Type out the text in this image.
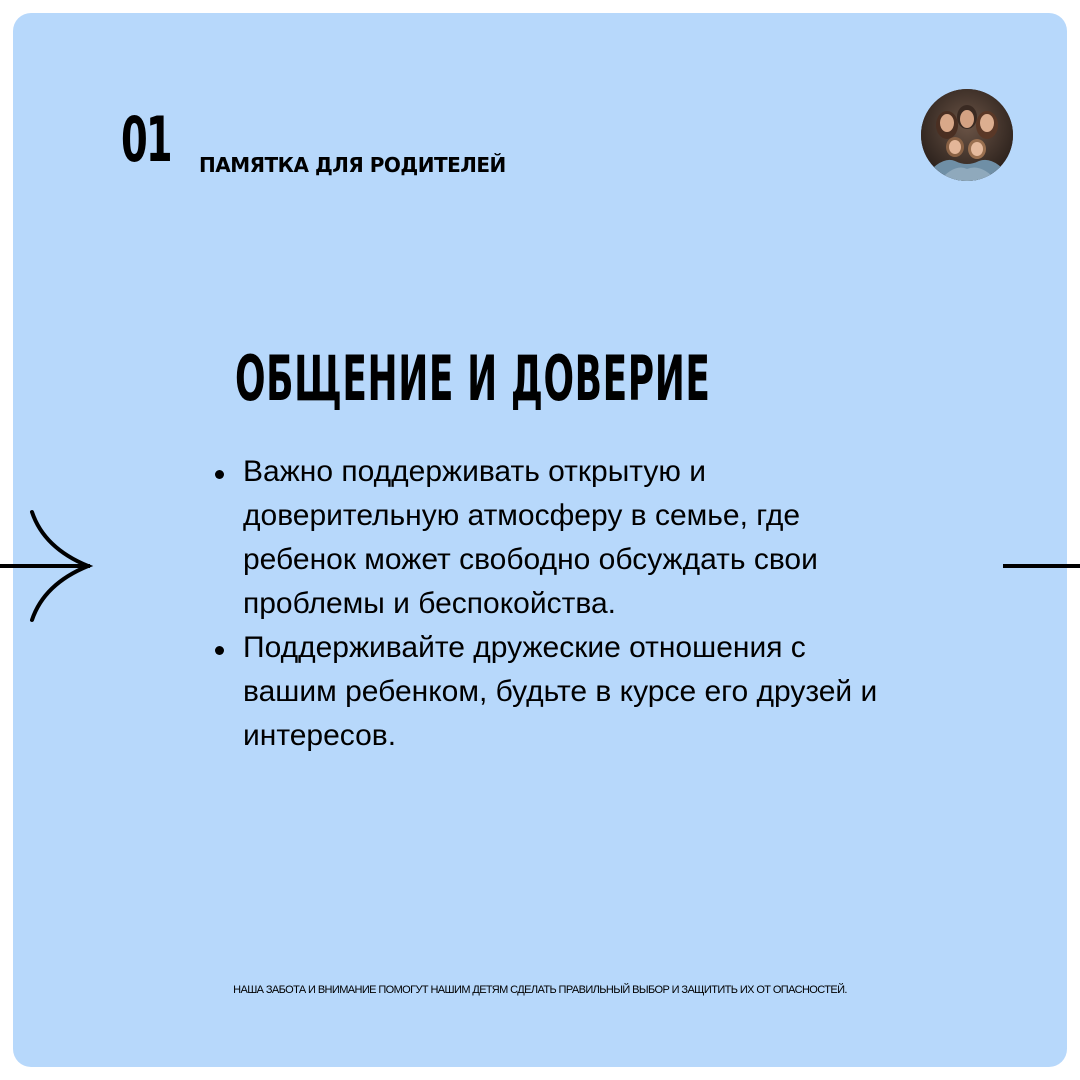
01 ПАМЯТКА ДЛЯ РОДИТЕЛЕЙ
ОБЩЕНИЕ И ДОВЕРИЕ
Важно поддерживать открытую и доверительную атмосферу в семье, где ребенок может свободно обсуждать свои проблемы и беспокойства.
Поддерживайте дружеские отношения с вашим ребенком, будьте в курсе его друзей и интересов.
НАША ЗАБОТА И ВНИМАНИЕ ПОМОГУТ НАШИМ ДЕТЯМ СДЕЛАТЬ ПРАВИЛЬНЫЙ ВЫБОР И ЗАЩИТИТЬ ИХ ОТ ОПАСНОСТЕЙ.
